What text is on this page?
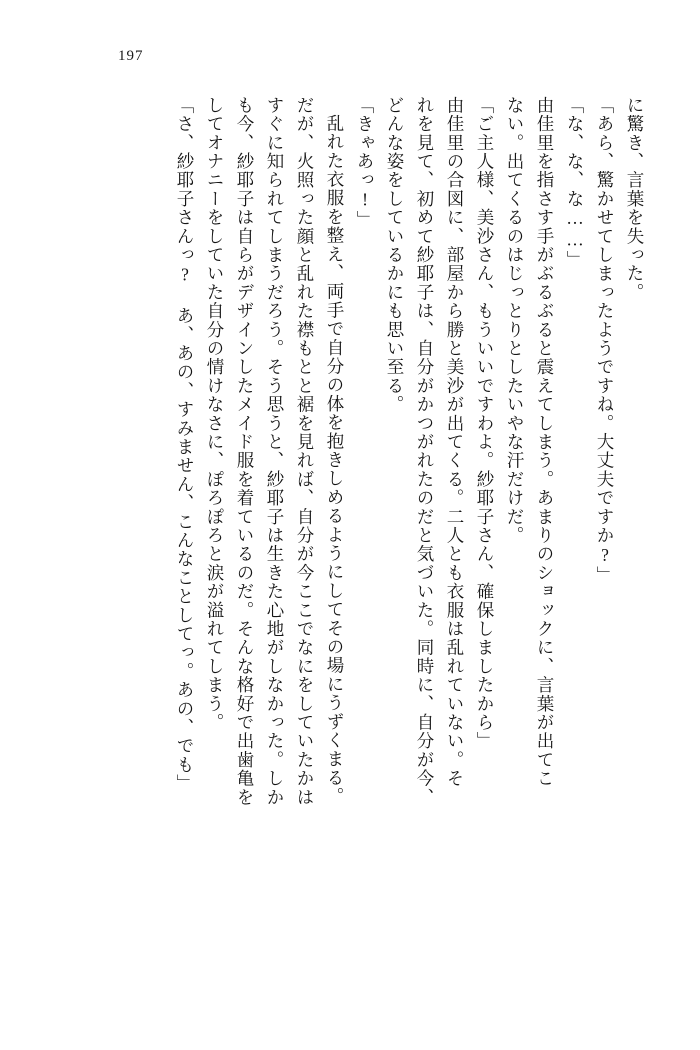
197
に驚き、言葉を失った。
「あら、驚かせてしまったようですね。大丈夫ですか?」
「な、な、な……」
由佳里を指さす手がぶるぶると震えてしまう。あまりのショックに、言葉が出てこ
ない。出てくるのはじっとりとしたいやな汗だけだ。
「ご主人様、美沙さん、もういいですわよ。紗耶子さん、確保しましたから」
由佳里の合図に、部屋から勝と美沙が出てくる。二人とも衣服は乱れていない。そ
れを見て、初めて紗耶子は、自分がかつがれたのだと気づいた。同時に、自分が今、
どんな姿をしているかにも思い至る。
「きゃあっ!」
乱れた衣服を整え、両手で自分の体を抱きしめるようにしてその場にうずくまる。
だが、火照った顔と乱れた襟もとと裾を見れば、自分が今ここでなにをしていたかは
すぐに知られてしまうだろう。そう思うと、紗耶子は生きた心地がしなかった。しか
も今、紗耶子は自らがデザインしたメイド服を着ているのだ。そんな格好で出歯亀を
してオナニーをしていた自分の情けなさに、ぽろぽろと涙が溢れてしまう。
「さ、紗耶子さんっ? あ、あの、すみません、こんなことしてっ。あの、でも」
